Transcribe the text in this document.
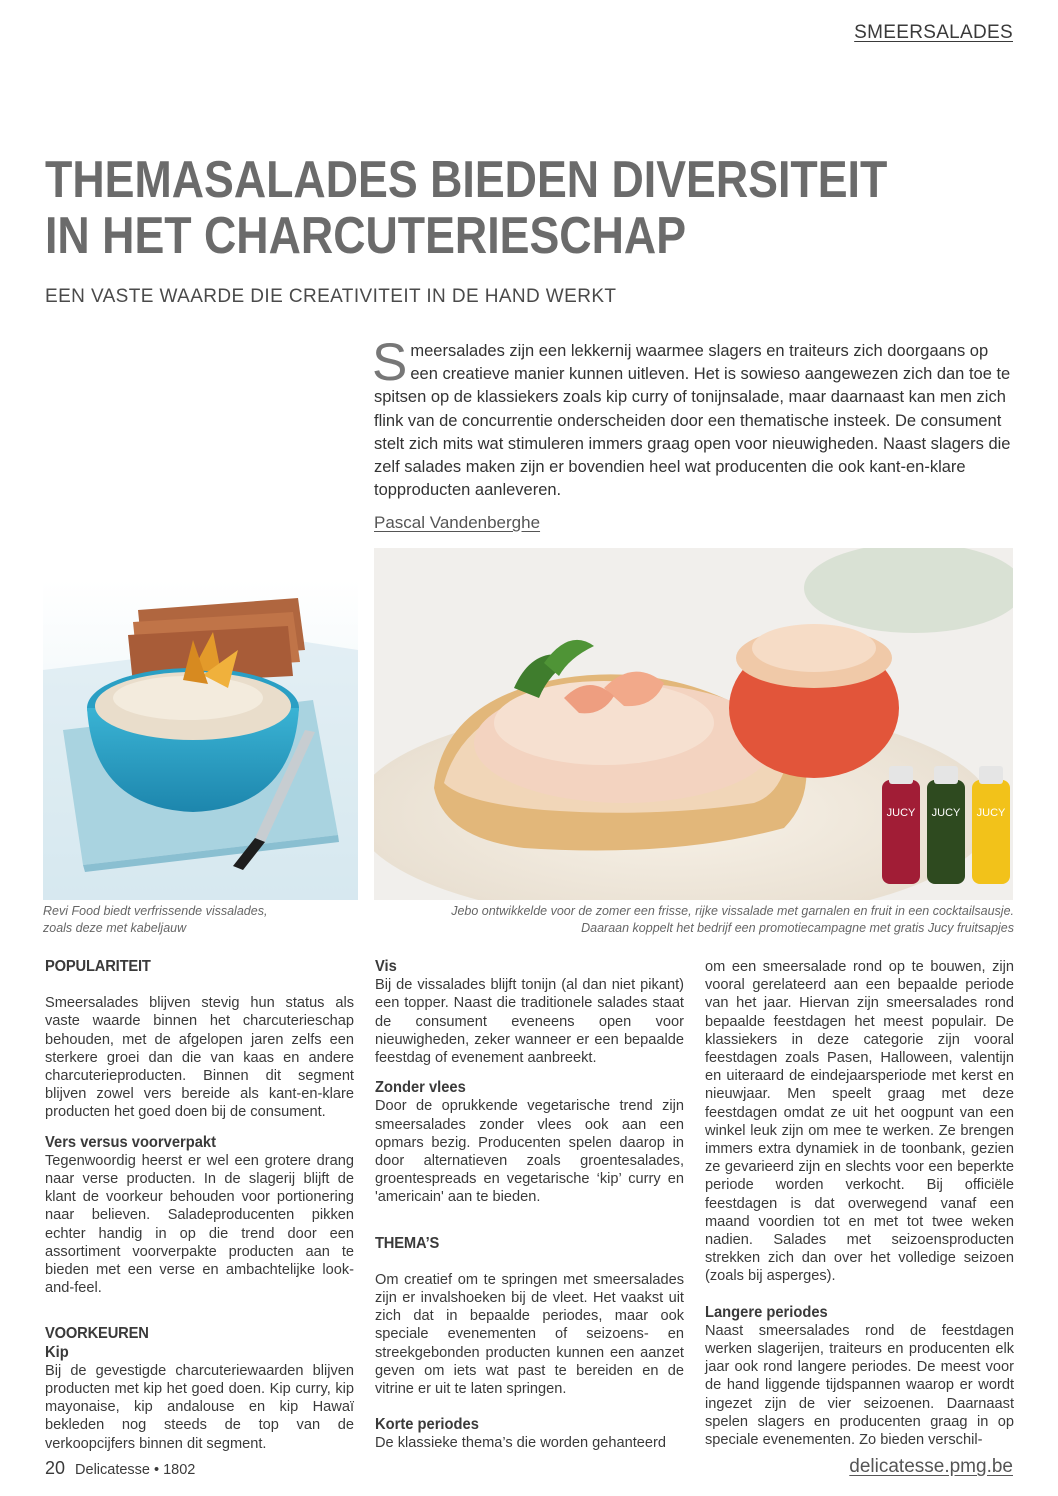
SMEERSALADES
THEMASALADES BIEDEN DIVERSITEIT
IN HET CHARCUTERIESCHAP
EEN VASTE WAARDE DIE CREATIVITEIT IN DE HAND WERKT

Smeersalades zijn een lekkernij waarmee slagers en traiteurs zich doorgaans op een creatieve manier kunnen uitleven. Het is sowieso aangewezen zich dan toe te spitsen op de klassiekers zoals kip curry of tonijnsalade, maar daarnaast kan men zich flink van de concurrentie onderscheiden door een thematische insteek. De consument stelt zich mits wat stimuleren immers graag open voor nieuwigheden. Naast slagers die zelf salades maken zijn er bovendien heel wat producenten die ook kant-en-klare topproducten aanleveren.

Pascal Vandenberghe
JUCY JUCY JUCY
Revi Food biedt verfrissende vissalades,
zoals deze met kabeljauw
Jebo ontwikkelde voor de zomer een frisse, rijke vissalade met garnalen en fruit in een cocktailsausje.
Daaraan koppelt het bedrijf een promotiecampagne met gratis Jucy fruitsapjes
POPULARITEIT

Smeersalades blijven stevig hun status als vaste waarde binnen het charcuterieschap behouden, met de afgelopen jaren zelfs een sterkere groei dan die van kaas en andere charcuterieproducten. Binnen dit segment blijven zowel vers bereide als kant-en-klare producten het goed doen bij de consument.

Vers versus voorverpakt

Tegenwoordig heerst er wel een grotere drang naar verse producten. In de slagerij blijft de klant de voorkeur behouden voor portionering naar believen. Saladeproducenten pikken echter handig in op die trend door een assortiment voorverpakte producten aan te bieden met een verse en ambachtelijke look-and-feel.

VOORKEUREN
Kip

Bij de gevestigde charcuteriewaarden blijven producten met kip het goed doen. Kip curry, kip mayonaise, kip andalouse en kip Hawaï bekleden nog steeds de top van de verkoopcijfers binnen dit segment.

Vis

Bij de vissalades blijft tonijn (al dan niet pikant) een topper. Naast die traditionele salades staat de consument eveneens open voor nieuwigheden, zeker wanneer er een bepaalde feestdag of evenement aanbreekt.

Zonder vlees

Door de oprukkende vegetarische trend zijn smeersalades zonder vlees ook aan een opmars bezig. Producenten spelen daarop in door alternatieven zoals groentesalades, groentespreads en vegetarische ‘kip’ curry en 'americain' aan te bieden.

THEMA’S

Om creatief om te springen met smeersalades zijn er invalshoeken bij de vleet. Het vaakst uit zich dat in bepaalde periodes, maar ook speciale evenementen of seizoens- en streekgebonden producten kunnen een aanzet geven om iets wat past te bereiden en de vitrine er uit te laten springen.

Korte periodes

De klassieke thema’s die worden gehanteerd

om een smeersalade rond op te bouwen, zijn vooral gerelateerd aan een bepaalde periode van het jaar. Hiervan zijn smeersalades rond bepaalde feestdagen het meest populair. De klassiekers in deze categorie zijn vooral feestdagen zoals Pasen, Halloween, valentijn en uiteraard de eindejaarsperiode met kerst en nieuwjaar. Men speelt graag met deze feestdagen omdat ze uit het oogpunt van een winkel leuk zijn om mee te werken. Ze brengen immers extra dynamiek in de toonbank, gezien ze gevarieerd zijn en slechts voor een beperkte periode worden verkocht. Bij officiële feestdagen is dat overwegend vanaf een maand voordien tot en met tot twee weken nadien. Salades met seizoensproducten strekken zich dan over het volledige seizoen (zoals bij asperges).

Langere periodes

Naast smeersalades rond de feestdagen werken slagerijen, traiteurs en producenten elk jaar ook rond langere periodes. De meest voor de hand liggende tijdspannen waarop er wordt ingezet zijn de vier seizoenen. Daarnaast spelen slagers en producenten graag in op speciale evenementen. Zo bieden verschil-

20 Delicatesse • 1802	delicatesse.pmg.be
